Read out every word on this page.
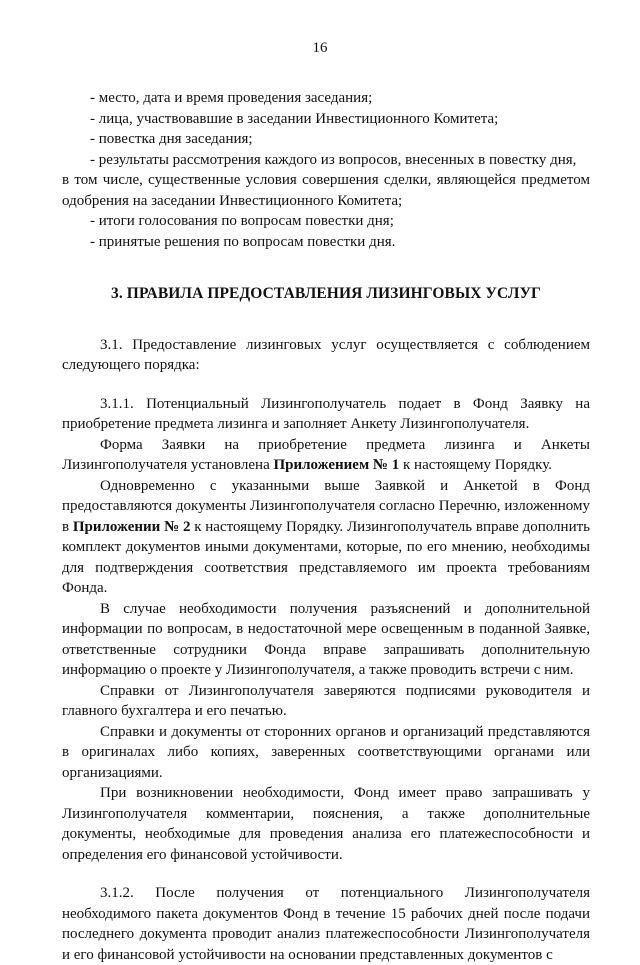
16
- место, дата и время проведения заседания;
- лица, участвовавшие в заседании Инвестиционного Комитета;
- повестка дня заседания;
- результаты рассмотрения каждого из вопросов, внесенных в повестку дня,

в том числе, существенные условия совершения сделки, являющейся предметом одобрения на заседании Инвестиционного Комитета;

- итоги голосования по вопросам повестки дня;
- принятые решения по вопросам повестки дня.
3. ПРАВИЛА ПРЕДОСТАВЛЕНИЯ ЛИЗИНГОВЫХ УСЛУГ

3.1. Предоставление лизинговых услуг осуществляется с соблюдением следующего порядка:

3.1.1. Потенциальный Лизингополучатель подает в Фонд Заявку на приобретение предмета лизинга и заполняет Анкету Лизингополучателя.

Форма Заявки на приобретение предмета лизинга и Анкеты Лизингополучателя установлена Приложением № 1 к настоящему Порядку.

Одновременно с указанными выше Заявкой и Анкетой в Фонд предоставляются документы Лизингополучателя согласно Перечню, изложенному в Приложении № 2 к настоящему Порядку. Лизингополучатель вправе дополнить комплект документов иными документами, которые, по его мнению, необходимы для подтверждения соответствия представляемого им проекта требованиям Фонда.

В случае необходимости получения разъяснений и дополнительной информации по вопросам, в недостаточной мере освещенным в поданной Заявке, ответственные сотрудники Фонда вправе запрашивать дополнительную информацию о проекте у Лизингополучателя, а также проводить встречи с ним.

Справки от Лизингополучателя заверяются подписями руководителя и главного бухгалтера и его печатью.

Справки и документы от сторонних органов и организаций представляются в оригиналах либо копиях, заверенных соответствующими органами или организациями.

При возникновении необходимости, Фонд имеет право запрашивать у Лизингополучателя комментарии, пояснения, а также дополнительные документы, необходимые для проведения анализа его платежеспособности и определения его финансовой устойчивости.

3.1.2. После получения от потенциального Лизингополучателя необходимого пакета документов Фонд в течение 15 рабочих дней после подачи последнего документа проводит анализ платежеспособности Лизингополучателя и его финансовой устойчивости на основании представленных документов с
